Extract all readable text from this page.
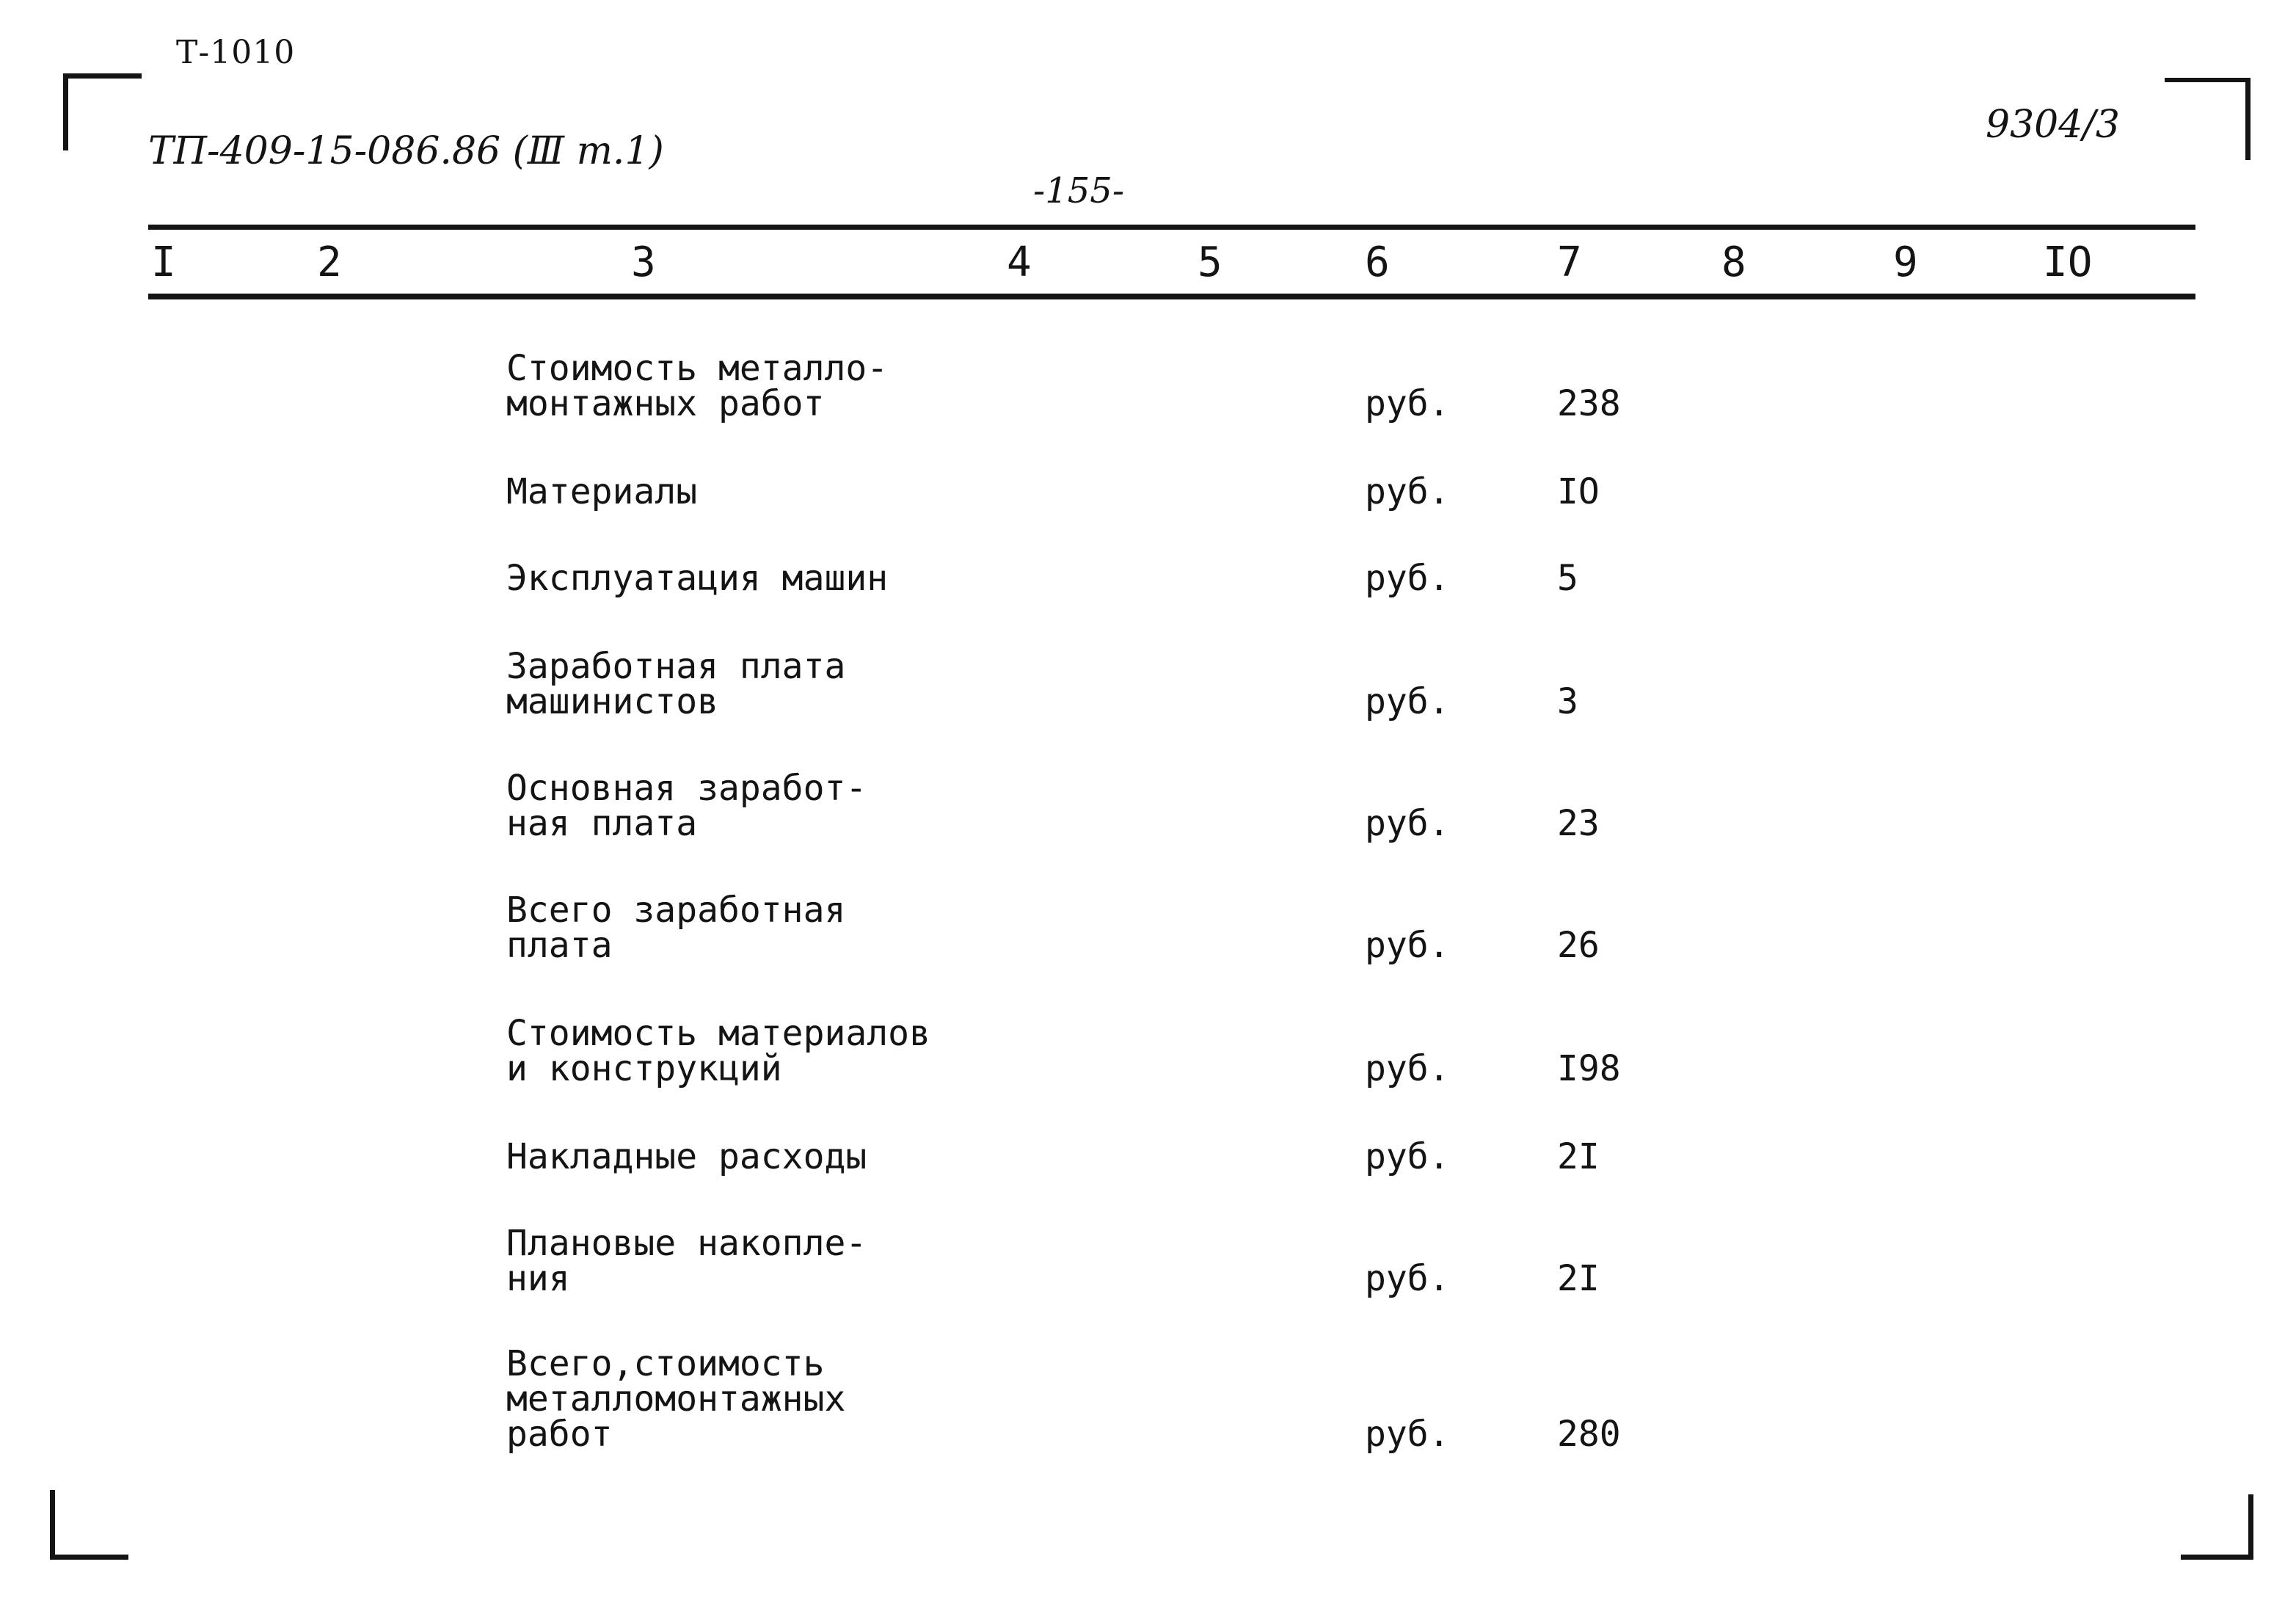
Т-1010
ТП-409-15-086.86 (Ⅲ т.1)
-155-
9304/3
I	2	3	4	5	6	7	8	9	IO
Стоимость металло-
монтажных работ	руб.	238
Материалы	руб.	IO
Эксплуатация машин	руб.	5
Заработная плата
машинистов	руб.	3
Основная заработ-
ная плата	руб.	23
Всего заработная
плата	руб.	26
Стоимость материалов
и конструкций	руб.	I98
Накладные расходы	руб.	2I
Плановые накопле-
ния	руб.	2I
Всего,стоимость
металломонтажных
работ	руб.	280
